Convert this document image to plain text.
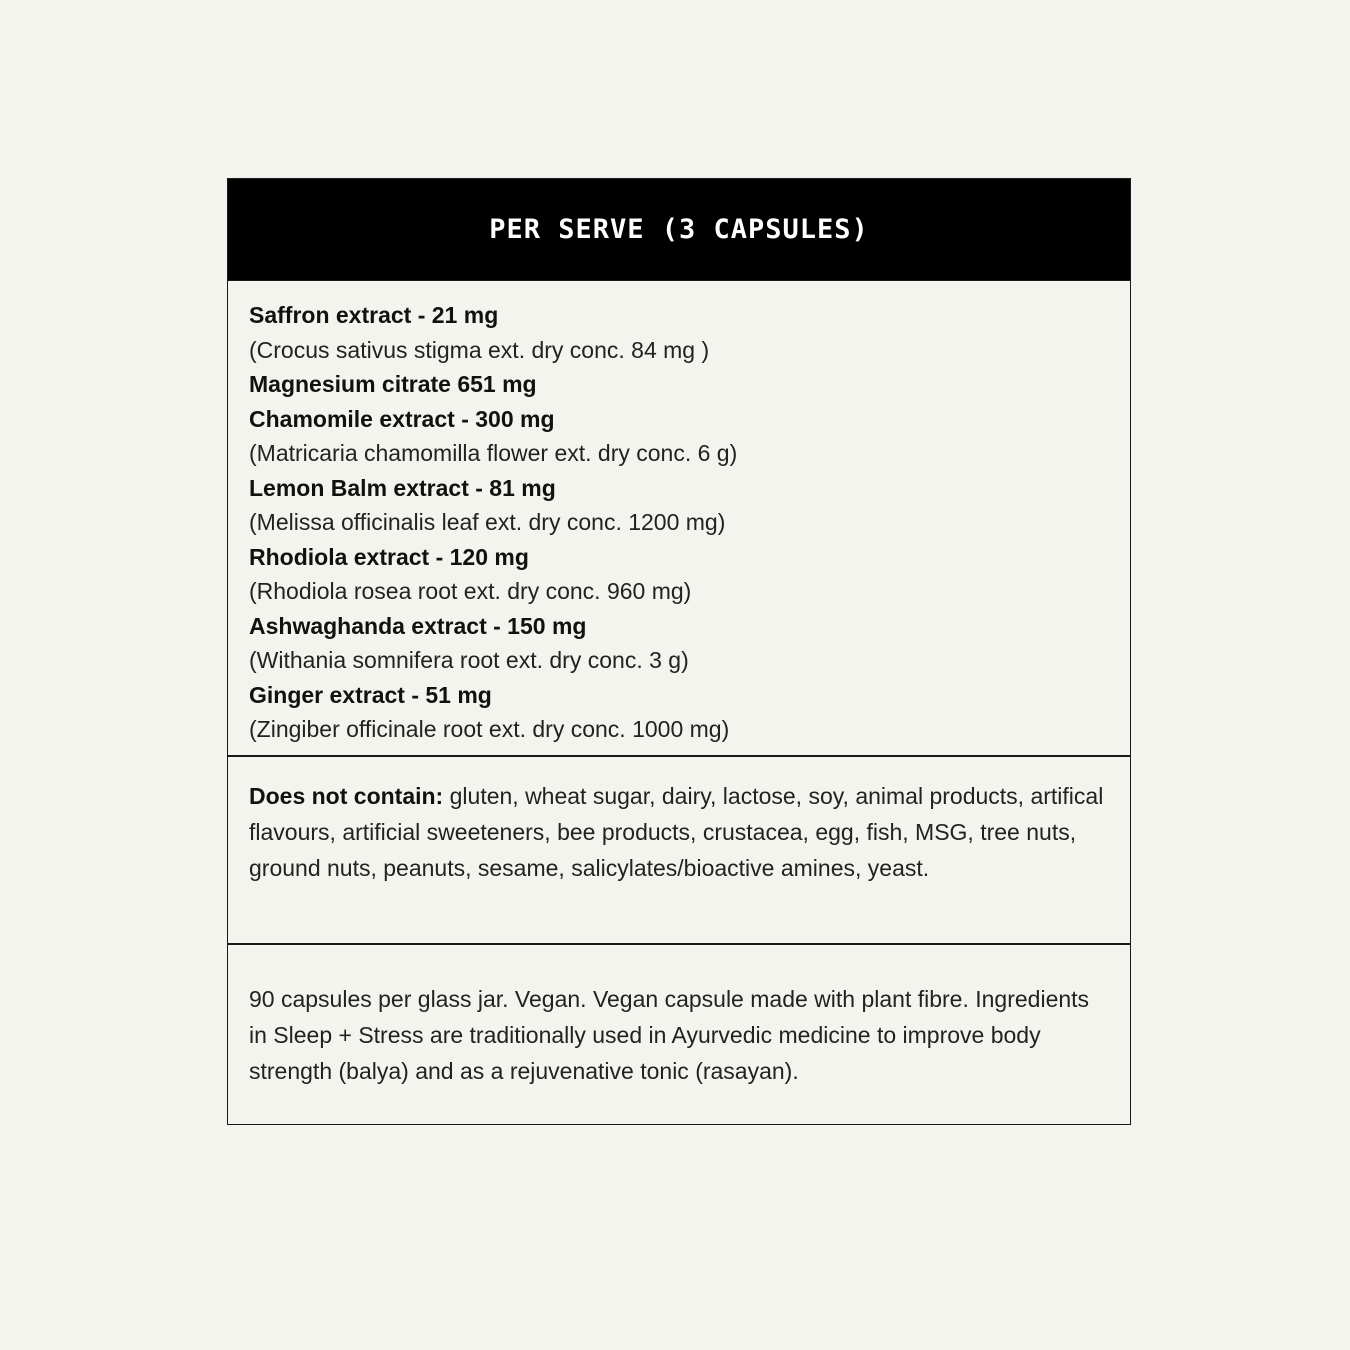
PER SERVE (3 CAPSULES)
Saffron extract - 21 mg
(Crocus sativus stigma ext. dry conc. 84 mg )
Magnesium citrate 651 mg
Chamomile extract - 300 mg
(Matricaria chamomilla flower ext. dry conc. 6 g)
Lemon Balm extract - 81 mg
(Melissa officinalis leaf ext. dry conc. 1200 mg)
Rhodiola extract - 120 mg
(Rhodiola rosea root ext. dry conc. 960 mg)
Ashwaghanda extract - 150 mg
(Withania somnifera root ext. dry conc. 3 g)
Ginger extract - 51 mg
(Zingiber officinale root ext. dry conc. 1000 mg)
Does not contain: gluten, wheat sugar, dairy, lactose, soy, animal products, artifical flavours, artificial sweeteners, bee products, crustacea, egg, fish, MSG, tree nuts, ground nuts, peanuts, sesame, salicylates/bioactive amines, yeast.
90 capsules per glass jar. Vegan. Vegan capsule made with plant fibre. Ingredients in Sleep + Stress are traditionally used in Ayurvedic medicine to improve body strength (balya) and as a rejuvenative tonic (rasayan).
